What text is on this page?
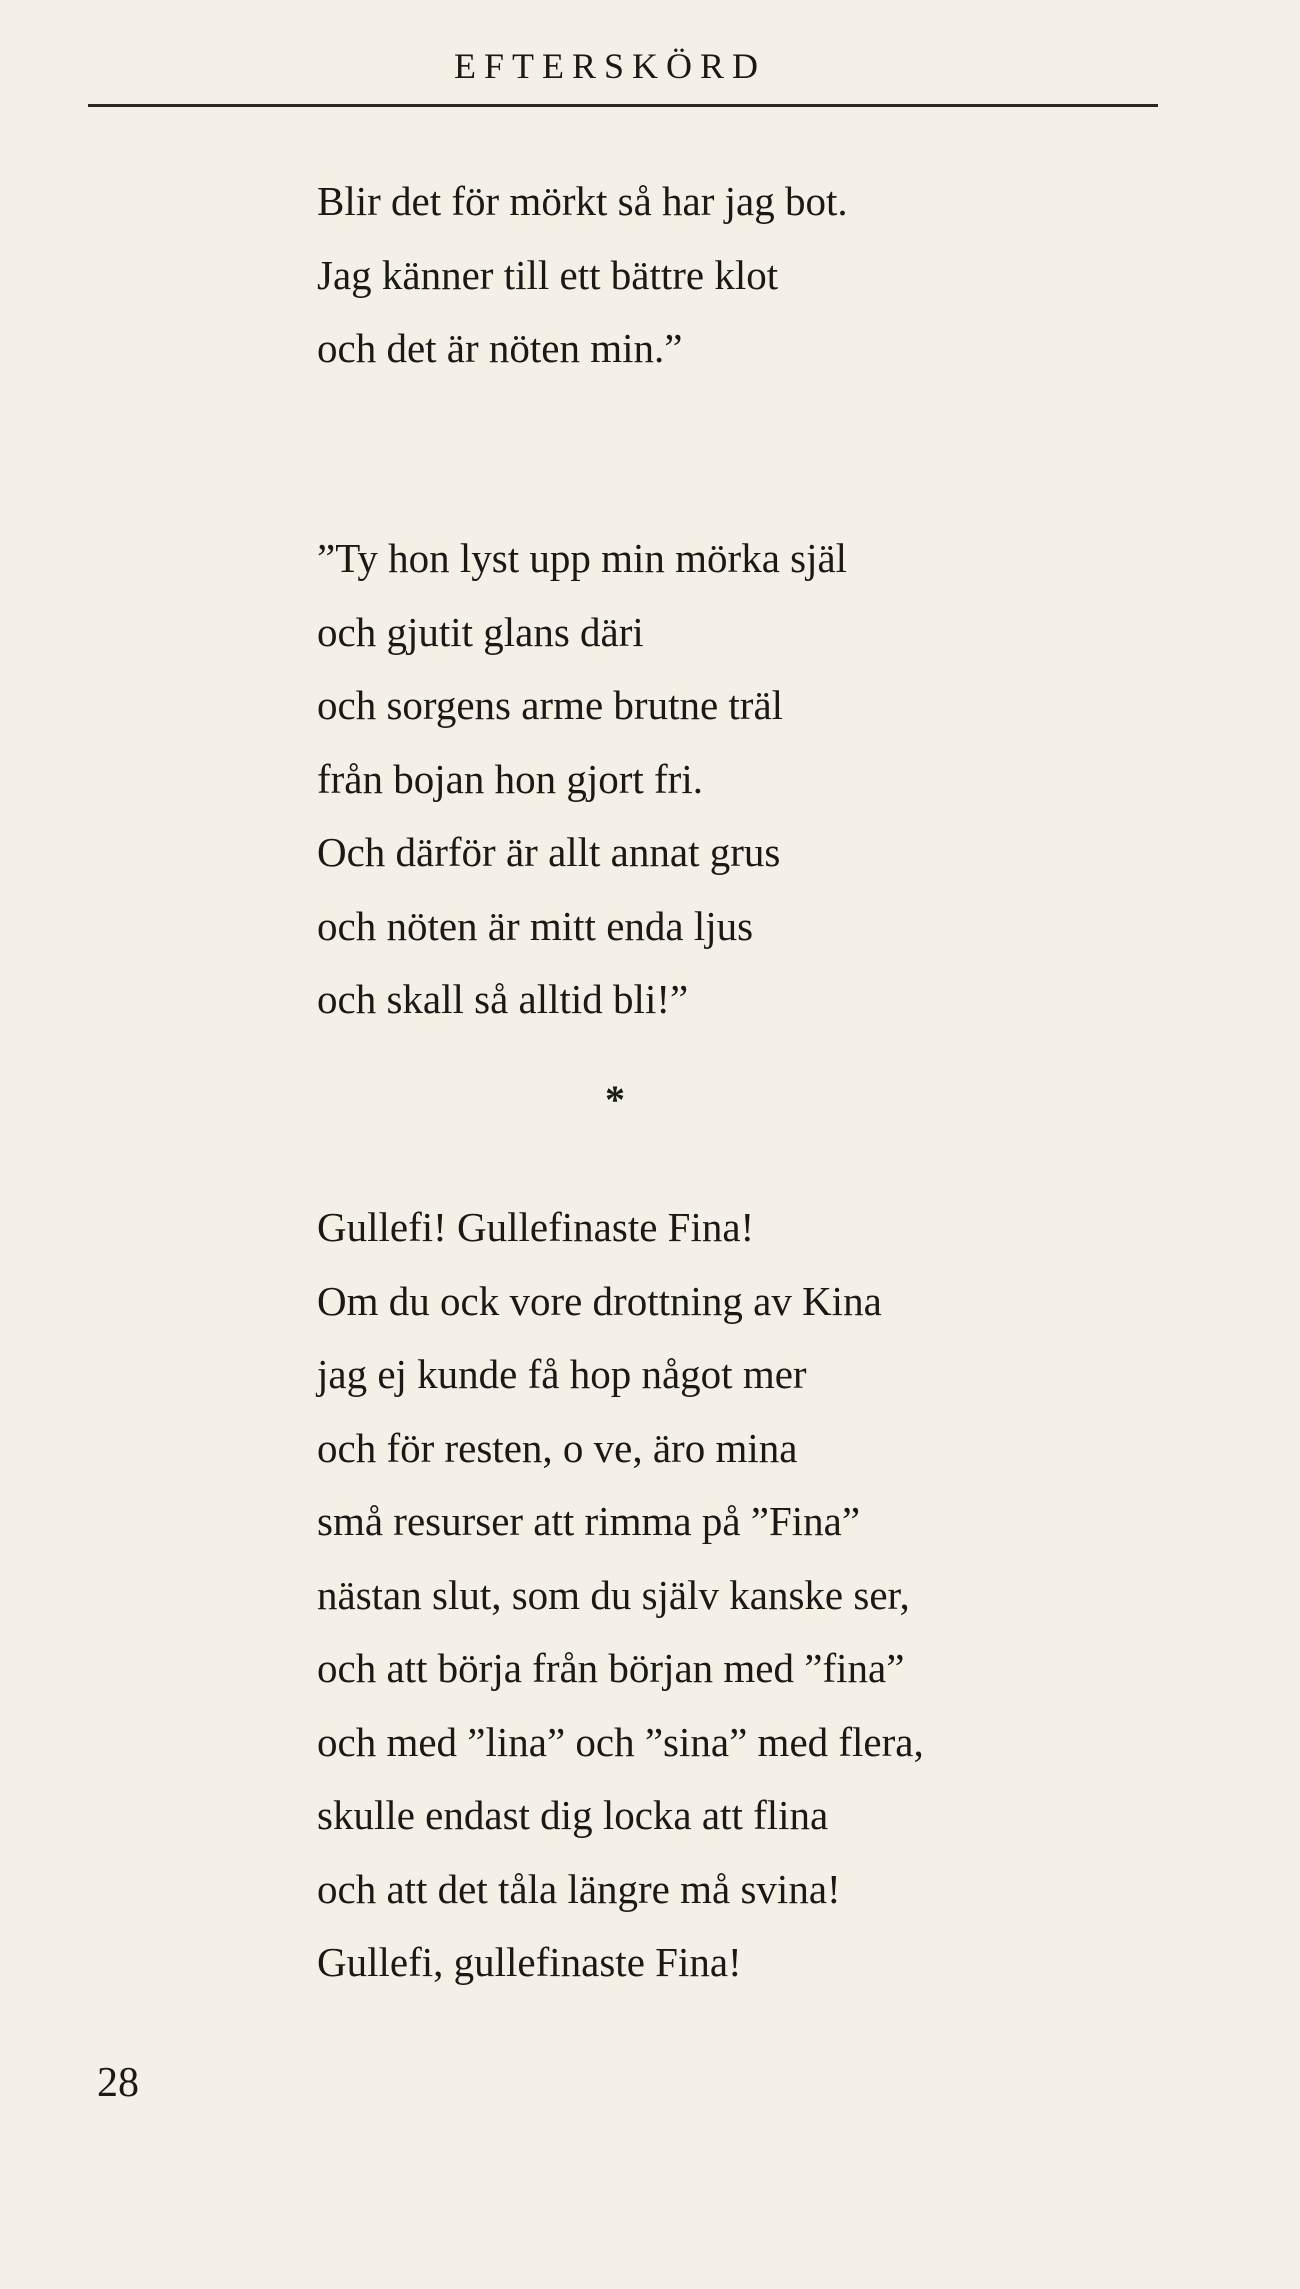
EFTERSKÖRD
Blir det för mörkt så har jag bot.
Jag känner till ett bättre klot
och det är nöten min.”
”Ty hon lyst upp min mörka själ
och gjutit glans däri
och sorgens arme brutne träl
från bojan hon gjort fri.
Och därför är allt annat grus
och nöten är mitt enda ljus
och skall så alltid bli!”
*
Gullefi! Gullefinaste Fina!
Om du ock vore drottning av Kina
jag ej kunde få hop något mer
och för resten, o ve, äro mina
små resurser att rimma på ”Fina”
nästan slut, som du själv kanske ser,
och att börja från början med ”fina”
och med ”lina” och ”sina” med flera,
skulle endast dig locka att flina
och att det tåla längre må svina!
Gullefi, gullefinaste Fina!
28
